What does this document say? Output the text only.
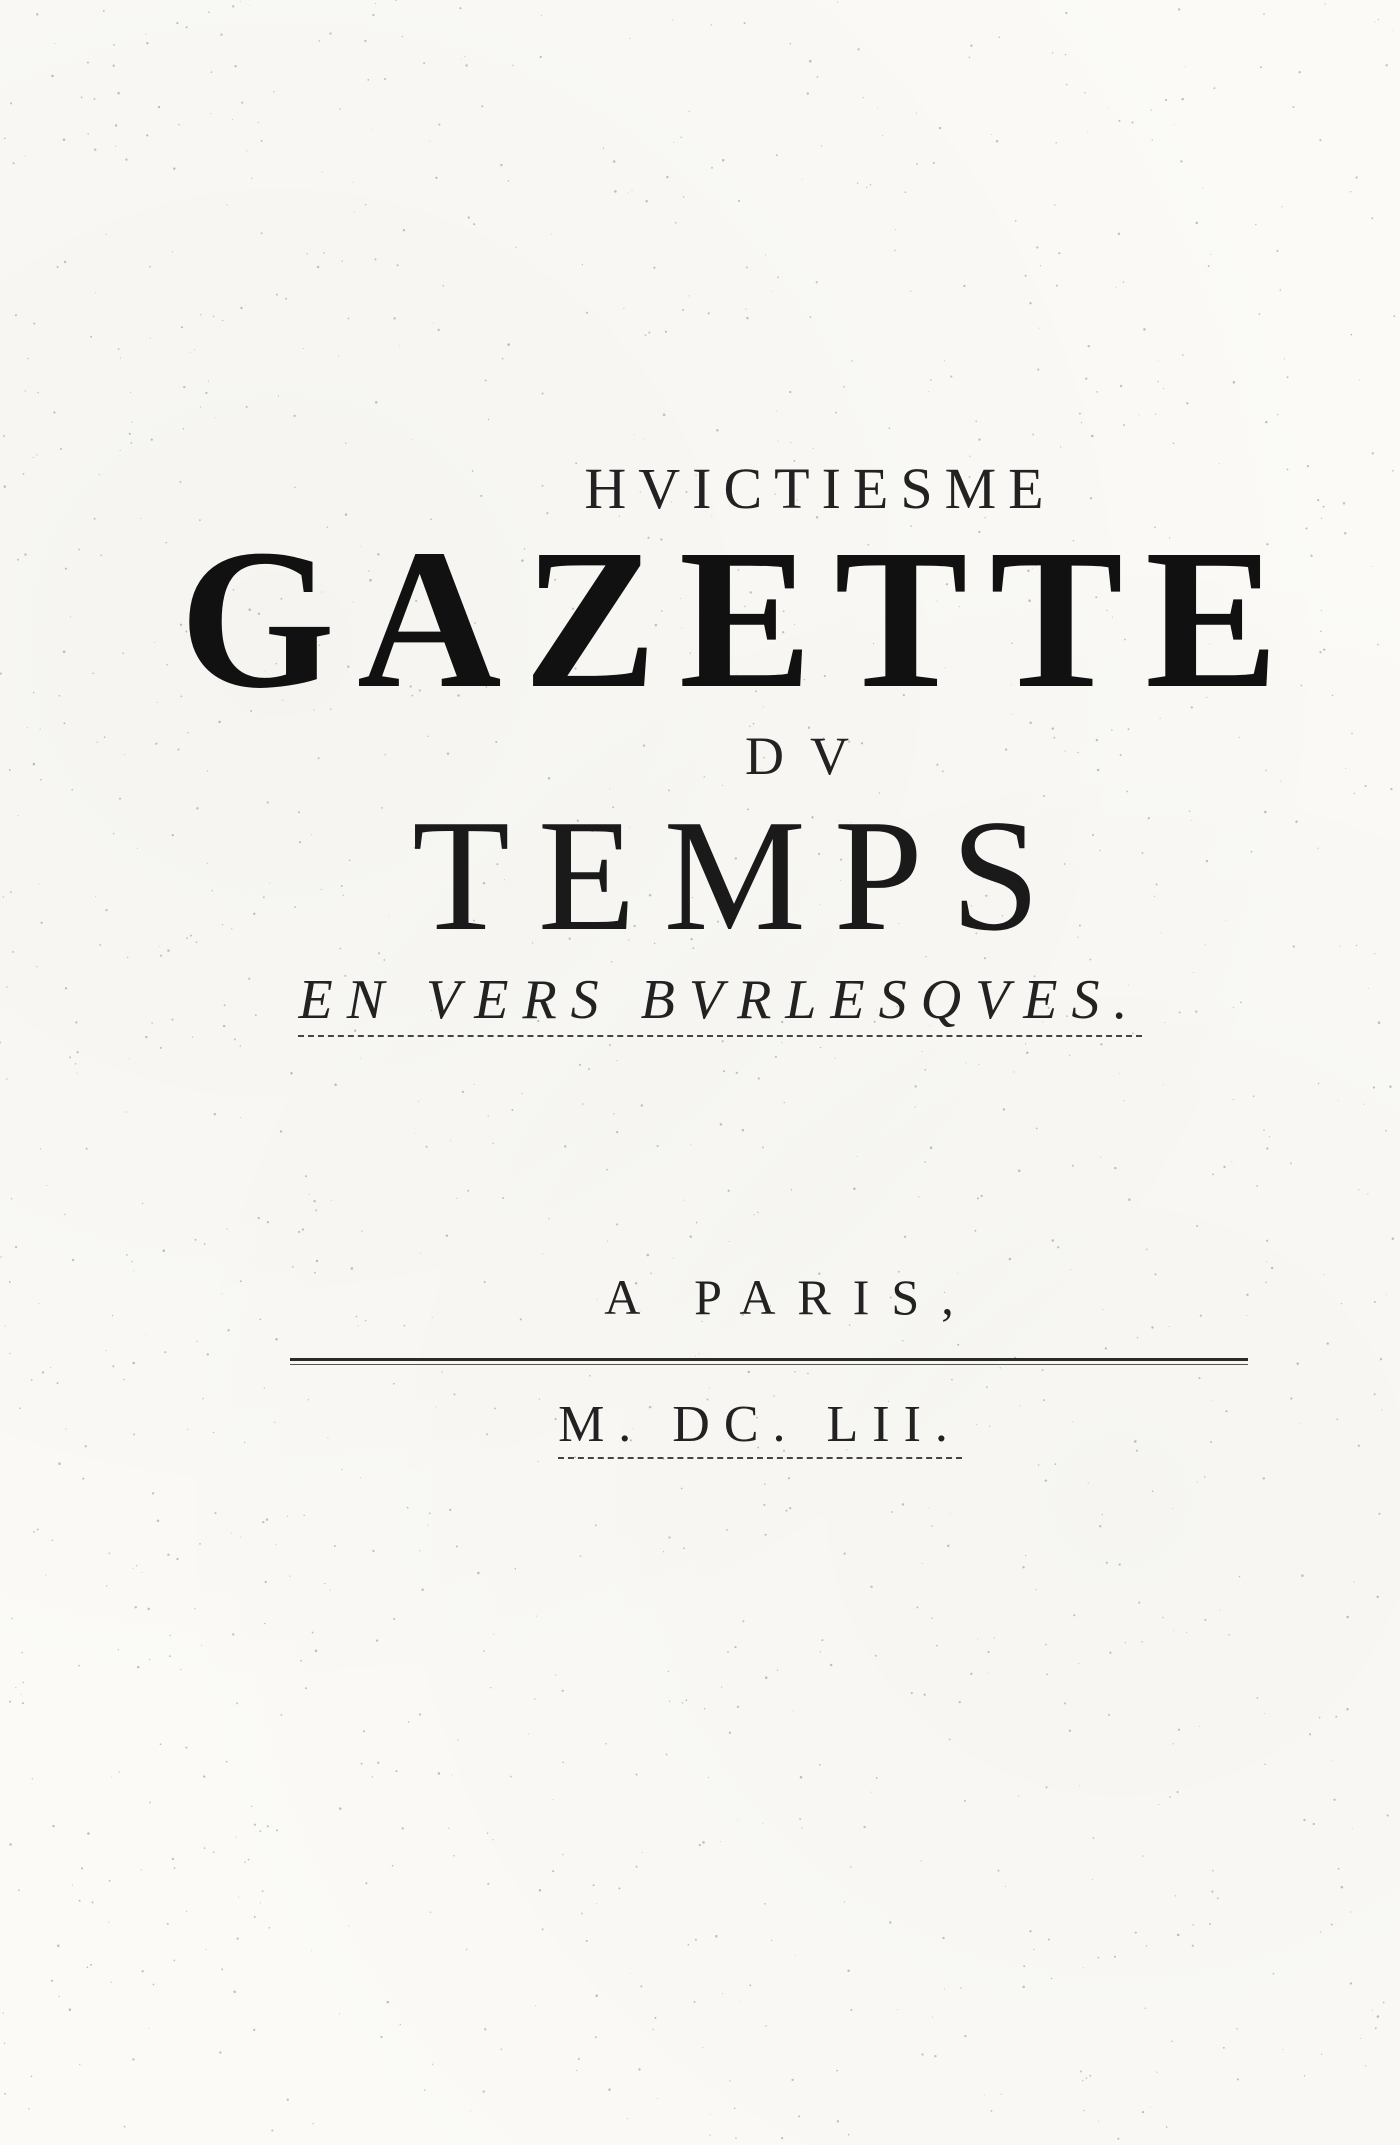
HVICTIESME
GAZETTE
DV
TEMPS
EN VERS BVRLESQVES.
A PARIS,
M. DC. LII.
